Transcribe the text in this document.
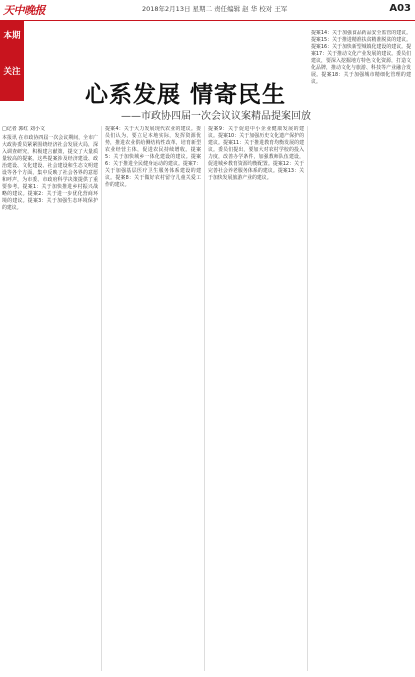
天中晚报	2018年2月13日 星期二 责任编辑 赵 华 校对 王军	A03
本期
关注
心系发展 情寄民生
——市政协四届一次会议议案精品提案回放
□记者 郭红 刘小文

本报讯 在市政协四届一次会议期间，全市广大政协委员紧紧围绕经济社会发展大局，深入调查研究，积极建言献策，提交了大量质量较高的提案。这些提案涉及经济建设、政治建设、文化建设、社会建设和生态文明建设等各个方面，集中反映了社会各界的意愿和呼声，为市委、市政府科学决策提供了重要参考。提案1：关于加快推进乡村振兴战略的建议。提案2：关于进一步优化营商环境的建议。提案3：关于加强生态环境保护的建议。

提案4：关于大力发展现代农业的建议。委员们认为，要立足本地实际，发挥资源优势，推进农业供给侧结构性改革，培育新型农业经营主体，促进农民持续增收。提案5：关于加快城乡一体化建设的建议。提案6：关于推进全民健身运动的建议。提案7：关于加强基层医疗卫生服务体系建设的建议。提案8：关于做好农村留守儿童关爱工作的建议。

提案9：关于促进中小企业健康发展的建议。提案10：关于加强历史文化遗产保护的建议。提案11：关于推进教育均衡发展的建议。委员们提出，要加大对农村学校的投入力度，改善办学条件，加强教师队伍建设，促进城乡教育资源均衡配置。提案12：关于完善社会养老服务体系的建议。提案13：关于加快发展旅游产业的建议。

提案14：关于加强食品药品安全监管的建议。提案15：关于推进精准扶贫精准脱贫的建议。提案16：关于加快新型城镇化建设的建议。提案17：关于推动文化产业发展的建议。委员们建议，要深入挖掘地方特色文化资源，打造文化品牌，推动文化与旅游、科技等产业融合发展。提案18：关于加强城市精细化管理的建议。
